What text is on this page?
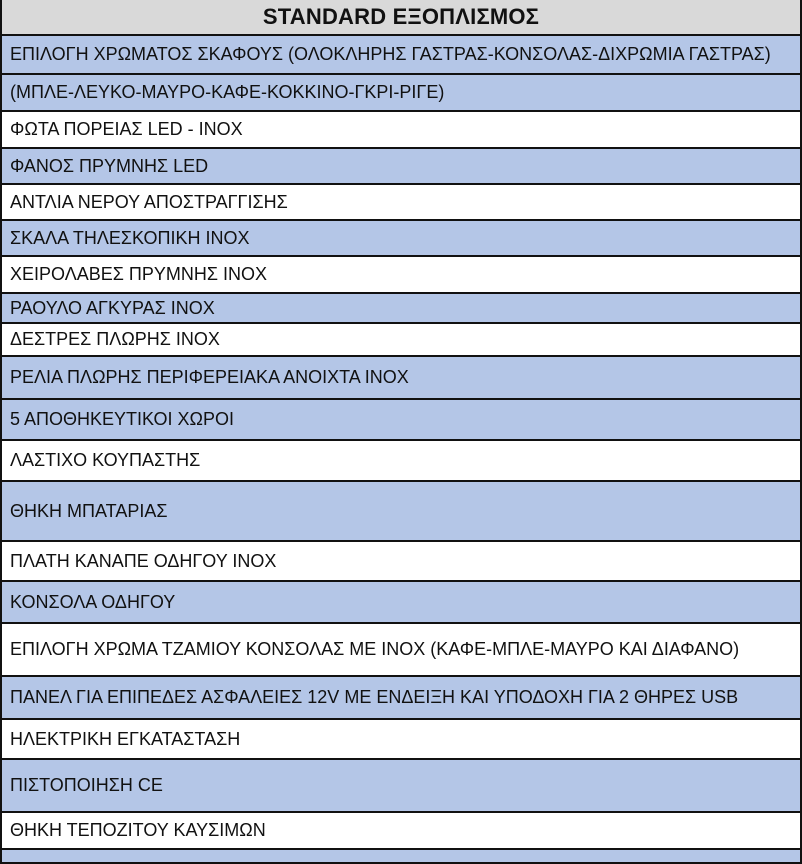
STANDARD ΕΞΟΠΛΙΣΜΟΣ
ΕΠΙΛΟΓΗ ΧΡΩΜΑΤΟΣ ΣΚΑΦΟΥΣ (ΟΛΟΚΛΗΡΗΣ ΓΑΣΤΡΑΣ-ΚΟΝΣΟΛΑΣ-ΔΙΧΡΩΜΙΑ ΓΑΣΤΡΑΣ)
(ΜΠΛΕ-ΛΕΥΚΟ-ΜΑΥΡΟ-ΚΑΦΕ-ΚΟΚΚΙΝΟ-ΓΚΡΙ-ΡΙΓΕ)
ΦΩΤΑ ΠΟΡΕΙΑΣ LED - INOX
ΦΑΝΟΣ ΠΡΥΜΝΗΣ LED
ΑΝΤΛΙΑ ΝΕΡΟΥ ΑΠΟΣΤΡΑΓΓΙΣΗΣ
ΣΚΑΛΑ ΤΗΛΕΣΚΟΠΙΚΗ INOX
ΧΕΙΡΟΛΑΒΕΣ ΠΡΥΜΝΗΣ INOX
ΡΑΟΥΛΟ ΑΓΚΥΡΑΣ INOX
ΔΕΣΤΡΕΣ ΠΛΩΡΗΣ INOX
ΡΕΛΙΑ ΠΛΩΡΗΣ ΠΕΡΙΦΕΡΕΙΑΚΑ ΑΝΟΙΧΤΑ INOX
5 ΑΠΟΘΗΚΕΥΤΙΚΟΙ ΧΩΡΟΙ
ΛΑΣΤΙΧΟ ΚΟΥΠΑΣΤΗΣ
ΘΗΚΗ ΜΠΑΤΑΡΙΑΣ
ΠΛΑΤΗ ΚΑΝΑΠΕ ΟΔΗΓΟΥ INOX
ΚΟΝΣΟΛΑ ΟΔΗΓΟΥ
ΕΠΙΛΟΓΗ ΧΡΩΜΑ ΤΖΑΜΙΟΥ ΚΟΝΣΟΛΑΣ ΜΕ INOX (ΚΑΦΕ-ΜΠΛΕ-ΜΑΥΡΟ ΚΑΙ ΔΙΑΦΑΝΟ)
ΠΑΝΕΛ ΓΙΑ ΕΠΙΠΕΔΕΣ ΑΣΦΑΛΕΙΕΣ 12V ΜΕ ΕΝΔΕΙΞΗ ΚΑΙ ΥΠΟΔΟΧΗ ΓΙΑ 2 ΘΗΡΕΣ USB
ΗΛΕΚΤΡΙΚΗ ΕΓΚΑΤΑΣΤΑΣΗ
ΠΙΣΤΟΠΟΙΗΣΗ CE
ΘΗΚΗ ΤΕΠΟΖΙΤΟΥ ΚΑΥΣΙΜΩΝ
